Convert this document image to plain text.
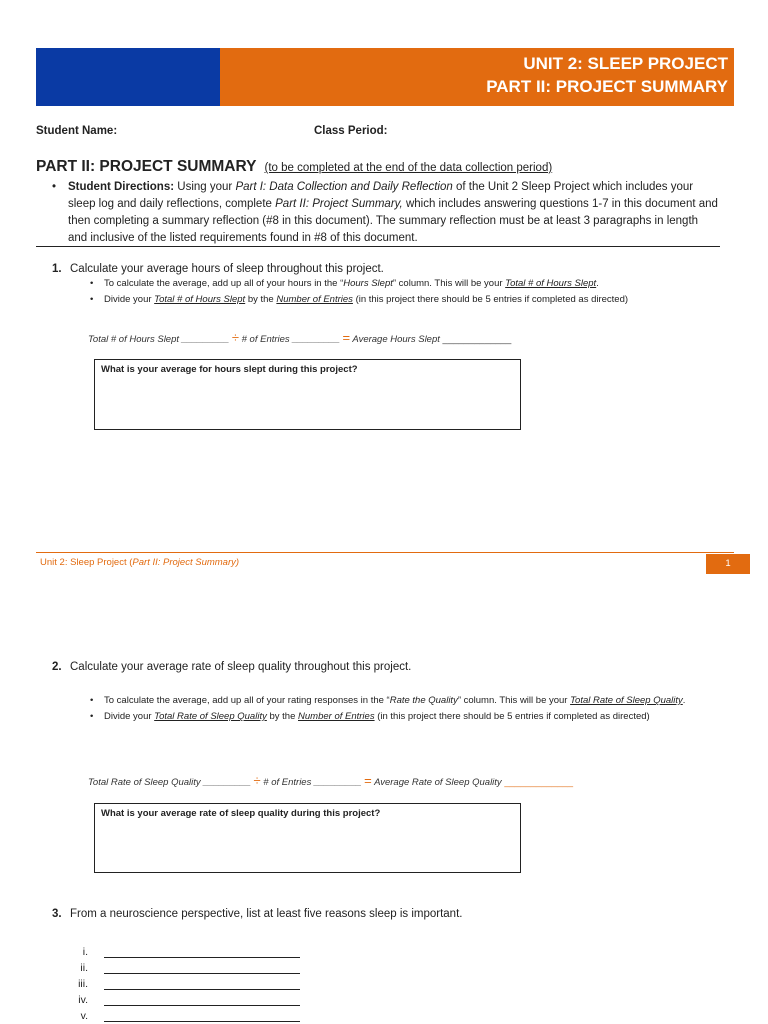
UNIT 2: SLEEP PROJECT
PART II: PROJECT SUMMARY
Student Name:	Class Period:
PART II: PROJECT SUMMARY (to be completed at the end of the data collection period)
• Student Directions: Using your Part I: Data Collection and Daily Reflection of the Unit 2 Sleep Project which includes your sleep log and daily reflections, complete Part II: Project Summary, which includes answering questions 1-7 in this document and then completing a summary reflection (#8 in this document). The summary reflection must be at least 3 paragraphs in length and inclusive of the listed requirements found in #8 of this document.
1. Calculate your average hours of sleep throughout this project.
• To calculate the average, add up all of your hours in the “Hours Slept” column. This will be your Total # of Hours Slept.
• Divide your Total # of Hours Slept by the Number of Entries (in this project there should be 5 entries if completed as directed)
Total # of Hours Slept _________ ÷ # of Entries _________ = Average Hours Slept _____________
What is your average for hours slept during this project?
Unit 2: Sleep Project (Part II: Project Summary)	1
2. Calculate your average rate of sleep quality throughout this project.
• To calculate the average, add up all of your rating responses in the “Rate the Quality” column. This will be your Total Rate of Sleep Quality.
• Divide your Total Rate of Sleep Quality by the Number of Entries (in this project there should be 5 entries if completed as directed)
Total Rate of Sleep Quality _________ ÷ # of Entries _________ = Average Rate of Sleep Quality _____________
What is your average rate of sleep quality during this project?
3. From a neuroscience perspective, list at least five reasons sleep is important.
i.
ii.
iii.
iv.
v.
